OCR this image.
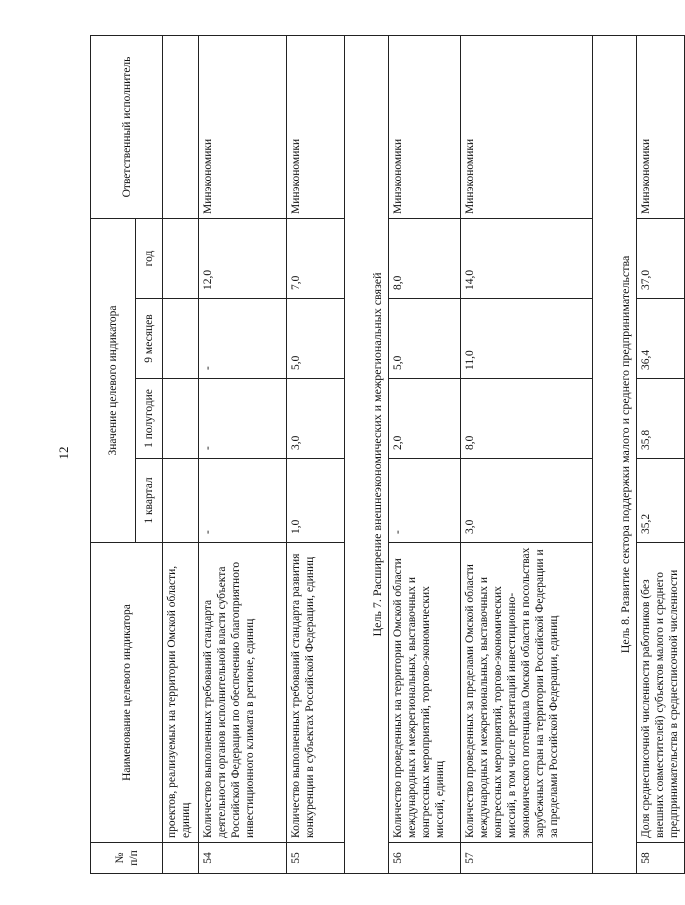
12
№ п/п	Наименование целевого индикатора	Значение целевого индикатора				Ответственный исполнитель
		1 квартал	1 полугодие	9 месяцев	год	
	проектов, реализуемых на территории Омской области, единиц					
54	Количество выполненных требований стандарта деятельности органов исполнительной власти субъекта Российской Федерации по обеспечению благоприятного инвестиционного климата в регионе, единиц	-	-	-	12,0	Минэкономики
55	Количество выполненных требований стандарта развития конкуренции в субъектах Российской Федерации, единиц	1,0	3,0	5,0	7,0	Минэкономики
Цель 7. Расширение внешнеэкономических и межрегиональных связей						
56	Количество проведенных на территории Омской области международных и межрегиональных, выставочных и конгрессных мероприятий, торгово-экономических миссий, единиц	-	2,0	5,0	8,0	Минэкономики
57	Количество проведенных за пределами Омской области международных и межрегиональных, выставочных и конгрессных мероприятий, торгово-экономических миссий, в том числе презентаций инвестиционно-экономического потенциала Омской области в посольствах зарубежных стран на территории Российской Федерации и за пределами Российской Федерации, единиц	3,0	8,0	11,0	14,0	Минэкономики
Цель 8. Развитие сектора поддержки малого и среднего предпринимательства						
58	Доля среднесписочной численности работников (без внешних совместителей) субъектов малого и среднего предпринимательства в среднесписочной численности	35,2	35,8	36,4	37,0	Минэкономики
